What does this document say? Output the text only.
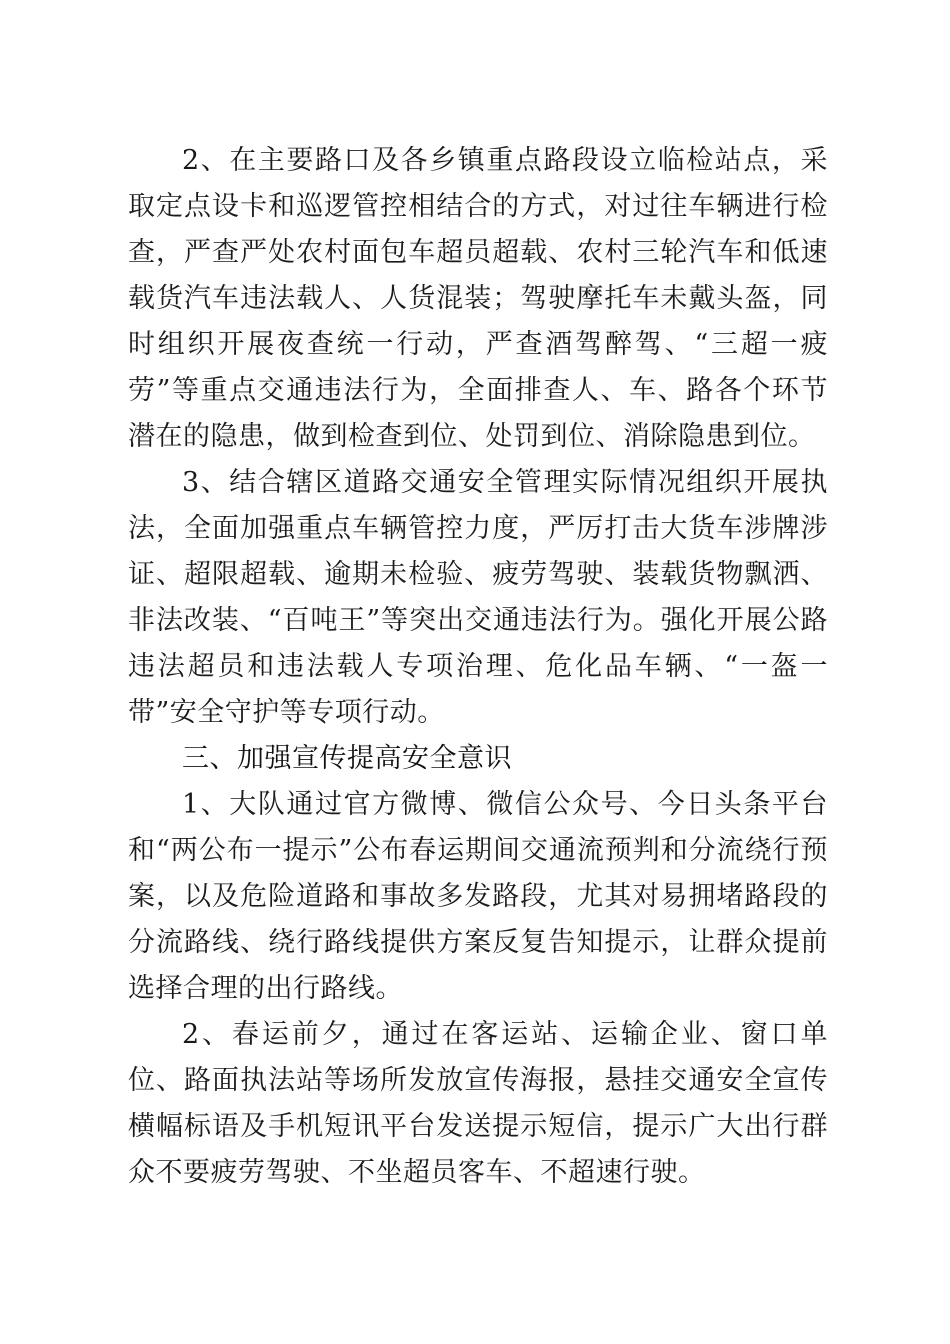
2、在主要路口及各乡镇重点路段设立临检站点，采取定点设卡和巡逻管控相结合的方式，对过往车辆进行检查，严查严处农村面包车超员超载、农村三轮汽车和低速载货汽车违法载人、人货混装；驾驶摩托车未戴头盔，同时组织开展夜查统一行动，严查酒驾醉驾、“三超一疲劳”等重点交通违法行为，全面排查人、车、路各个环节潜在的隐患，做到检查到位、处罚到位、消除隐患到位。

3、结合辖区道路交通安全管理实际情况组织开展执法，全面加强重点车辆管控力度，严厉打击大货车涉牌涉证、超限超载、逾期未检验、疲劳驾驶、装载货物飘洒、非法改装、“百吨王”等突出交通违法行为。强化开展公路违法超员和违法载人专项治理、危化品车辆、“一盔一带”安全守护等专项行动。

三、加强宣传提高安全意识

1、大队通过官方微博、微信公众号、今日头条平台和“两公布一提示”公布春运期间交通流预判和分流绕行预案，以及危险道路和事故多发路段，尤其对易拥堵路段的分流路线、绕行路线提供方案反复告知提示，让群众提前选择合理的出行路线。

2、春运前夕，通过在客运站、运输企业、窗口单位、路面执法站等场所发放宣传海报，悬挂交通安全宣传横幅标语及手机短讯平台发送提示短信，提示广大出行群众不要疲劳驾驶、不坐超员客车、不超速行驶。
